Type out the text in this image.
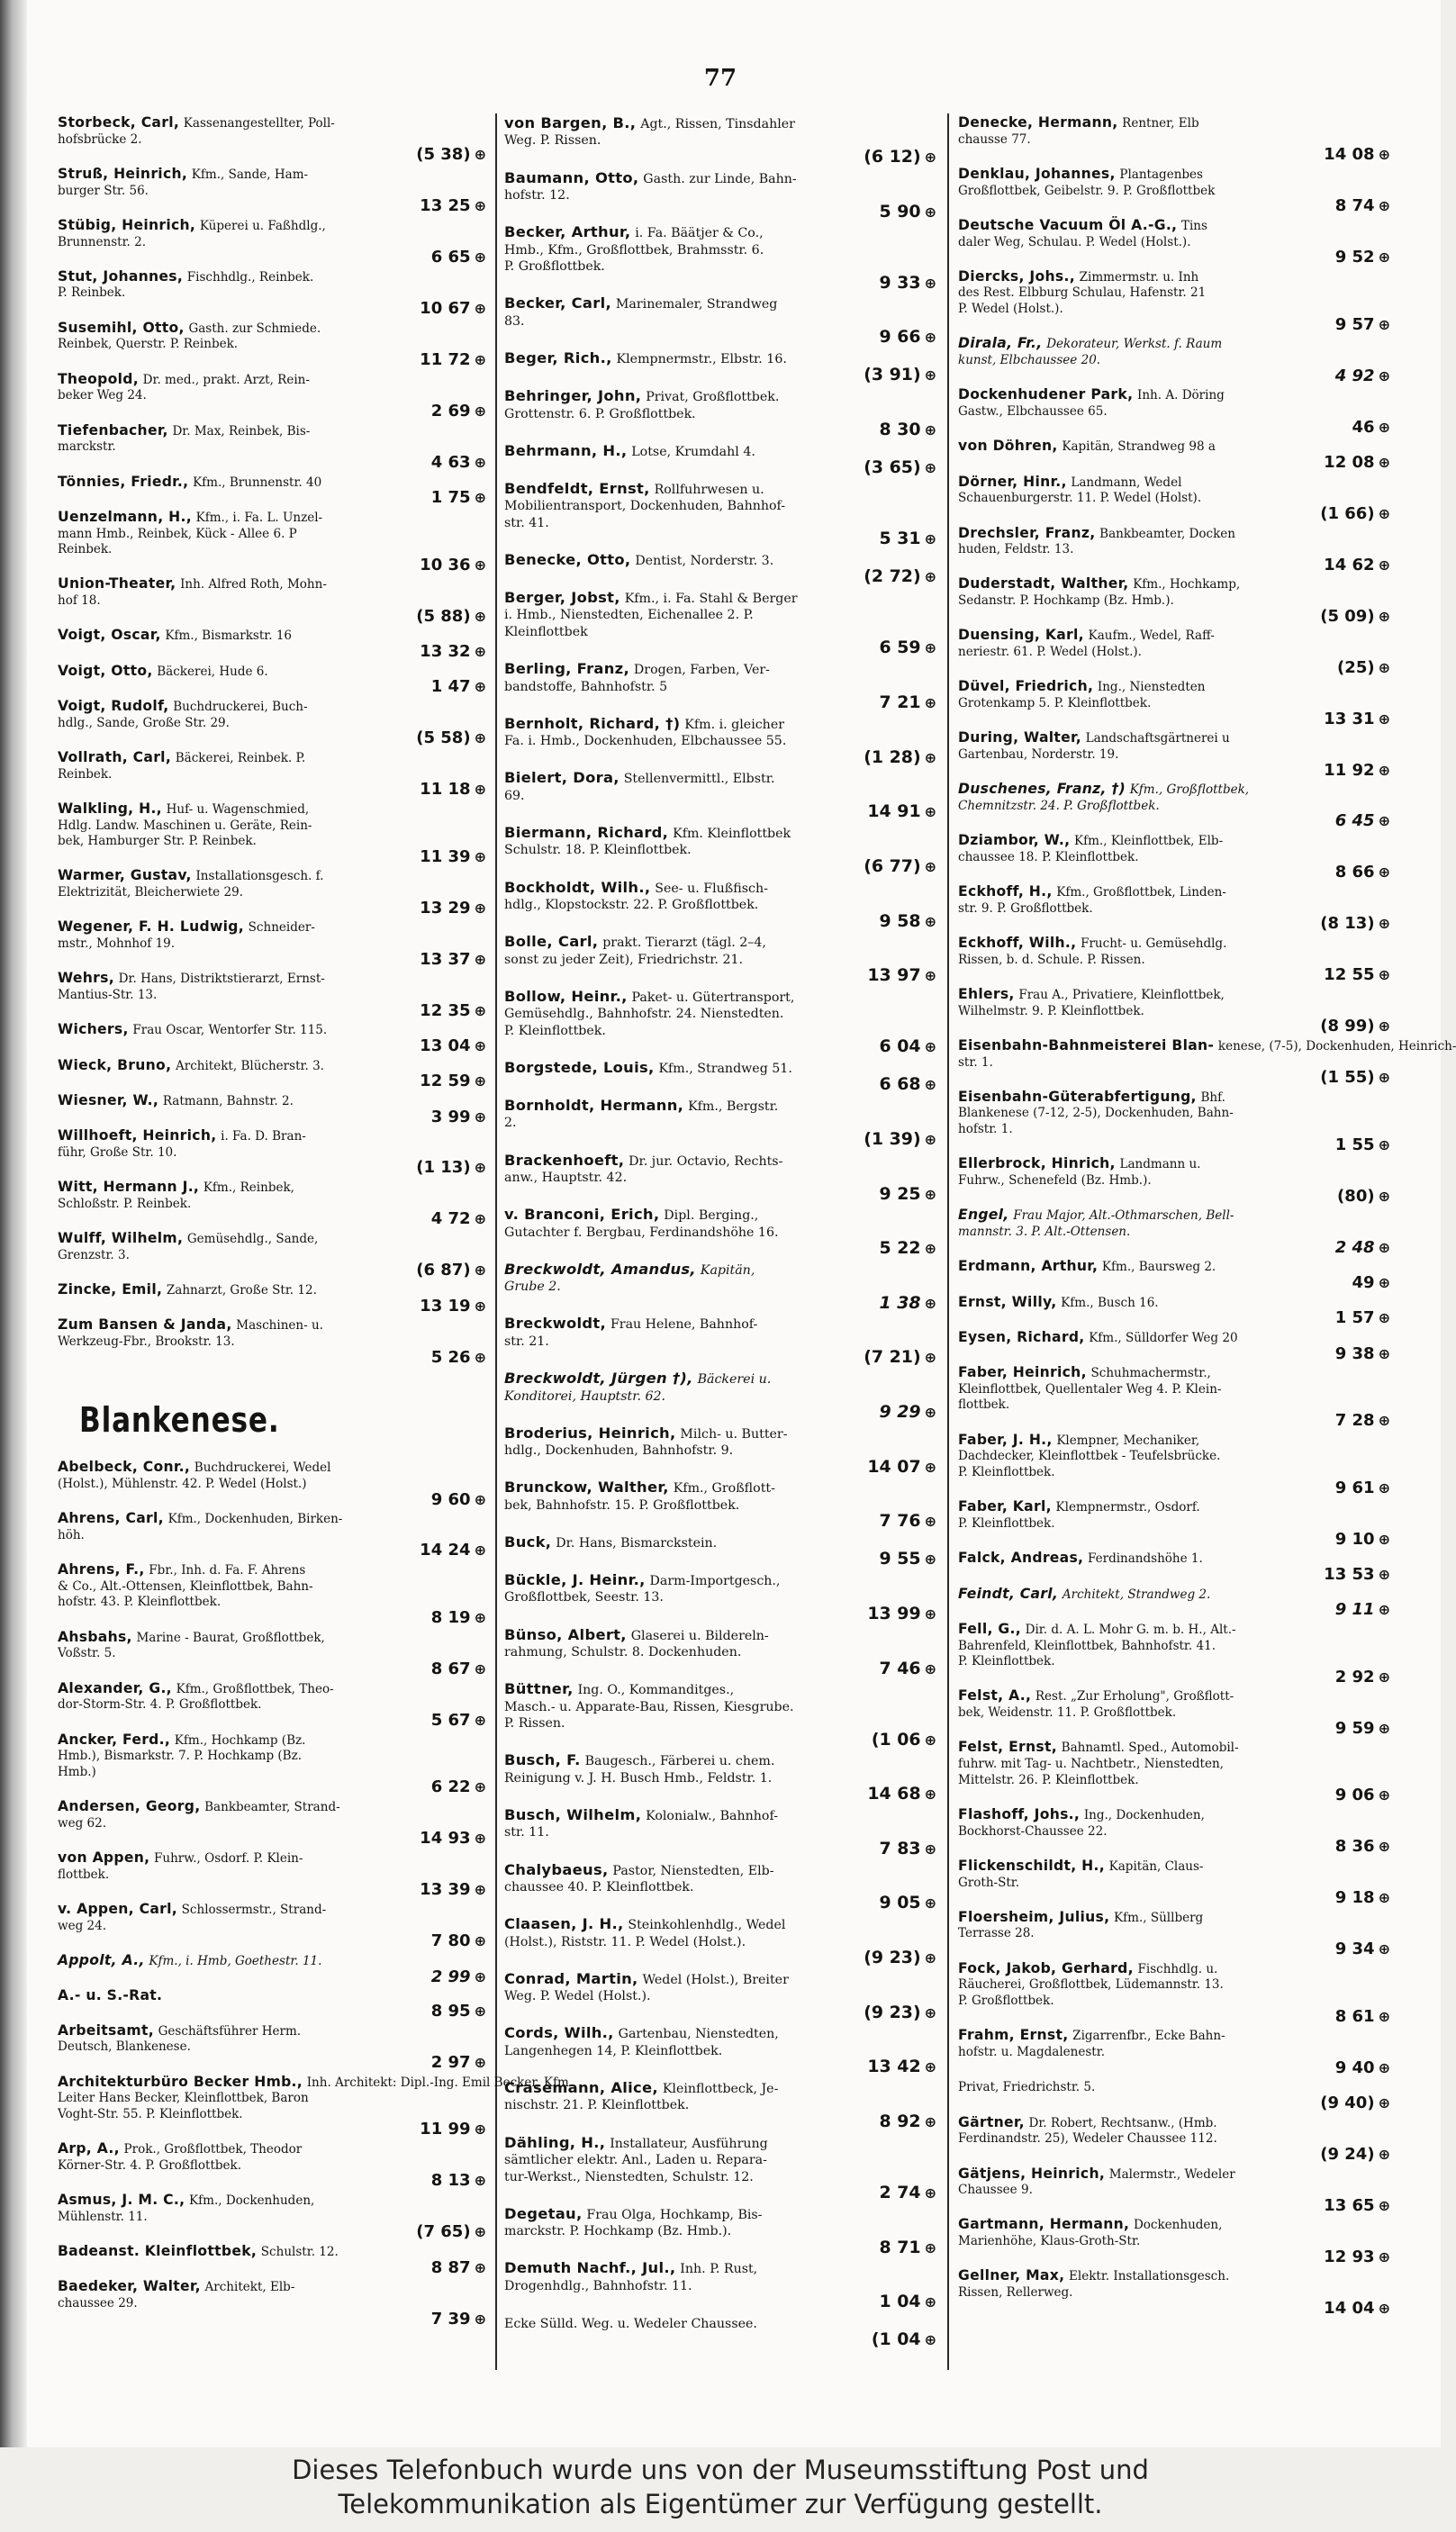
77
Storbeck, Carl, Kassenangestellter, Poll-
hofsbrücke 2.
(5 38) ⊕
Struß, Heinrich, Kfm., Sande, Ham-
burger Str. 56.
13 25 ⊕
Stübig, Heinrich, Küperei u. Faßhdlg.,
Brunnenstr. 2.
6 65 ⊕
Stut, Johannes, Fischhdlg., Reinbek.
P. Reinbek.
10 67 ⊕
Susemihl, Otto, Gasth. zur Schmiede.
Reinbek, Querstr. P. Reinbek.
11 72 ⊕
Theopold, Dr. med., prakt. Arzt, Rein-
beker Weg 24.
2 69 ⊕
Tiefenbacher, Dr. Max, Reinbek, Bis-
marckstr.
4 63 ⊕
Tönnies, Friedr., Kfm., Brunnenstr. 40
1 75 ⊕
Uenzelmann, H., Kfm., i. Fa. L. Unzel-
mann Hmb., Reinbek, Kück - Allee 6. P
Reinbek.
10 36 ⊕
Union-Theater, Inh. Alfred Roth, Mohn-
hof 18.
(5 88) ⊕
Voigt, Oscar, Kfm., Bismarkstr. 16
13 32 ⊕
Voigt, Otto, Bäckerei, Hude 6.
1 47 ⊕
Voigt, Rudolf, Buchdruckerei, Buch-
hdlg., Sande, Große Str. 29.
(5 58) ⊕
Vollrath, Carl, Bäckerei, Reinbek. P.
Reinbek.
11 18 ⊕
Walkling, H., Huf- u. Wagenschmied,
Hdlg. Landw. Maschinen u. Geräte, Rein-
bek, Hamburger Str. P. Reinbek.
11 39 ⊕
Warmer, Gustav, Installationsgesch. f.
Elektrizität, Bleicherwiete 29.
13 29 ⊕
Wegener, F. H. Ludwig, Schneider-
mstr., Mohnhof 19.
13 37 ⊕
Wehrs, Dr. Hans, Distriktstierarzt, Ernst-
Mantius-Str. 13.
12 35 ⊕
Wichers, Frau Oscar, Wentorfer Str. 115.
13 04 ⊕
Wieck, Bruno, Architekt, Blücherstr. 3.
12 59 ⊕
Wiesner, W., Ratmann, Bahnstr. 2.
3 99 ⊕
Willhoeft, Heinrich, i. Fa. D. Bran-
führ, Große Str. 10.
(1 13) ⊕
Witt, Hermann J., Kfm., Reinbek,
Schloßstr. P. Reinbek.
4 72 ⊕
Wulff, Wilhelm, Gemüsehdlg., Sande,
Grenzstr. 3.
(6 87) ⊕
Zincke, Emil, Zahnarzt, Große Str. 12.
13 19 ⊕
Zum Bansen & Janda, Maschinen- u.
Werkzeug-Fbr., Brookstr. 13.
5 26 ⊕
Blankenese.
Abelbeck, Conr., Buchdruckerei, Wedel
(Holst.), Mühlenstr. 42. P. Wedel (Holst.)
9 60 ⊕
Ahrens, Carl, Kfm., Dockenhuden, Birken-
höh.
14 24 ⊕
Ahrens, F., Fbr., Inh. d. Fa. F. Ahrens
& Co., Alt.-Ottensen, Kleinflottbek, Bahn-
hofstr. 43. P. Kleinflottbek.
8 19 ⊕
Ahsbahs, Marine - Baurat, Großflottbek,
Voßstr. 5.
8 67 ⊕
Alexander, G., Kfm., Großflottbek, Theo-
dor-Storm-Str. 4. P. Großflottbek.
5 67 ⊕
Ancker, Ferd., Kfm., Hochkamp (Bz.
Hmb.), Bismarkstr. 7. P. Hochkamp (Bz.
Hmb.)
6 22 ⊕
Andersen, Georg, Bankbeamter, Strand-
weg 62.
14 93 ⊕
von Appen, Fuhrw., Osdorf. P. Klein-
flottbek.
13 39 ⊕
v. Appen, Carl, Schlossermstr., Strand-
weg 24.
7 80 ⊕
Appolt, A., Kfm., i. Hmb, Goethestr. 11.
2 99 ⊕
A.- u. S.-Rat.
8 95 ⊕
Arbeitsamt, Geschäftsführer Herm.
Deutsch, Blankenese.
2 97 ⊕
Architekturbüro Becker Hmb., Inh. Architekt: Dipl.-Ing. Emil Becker, Kfm.
Leiter Hans Becker, Kleinflottbek, Baron
Voght-Str. 55. P. Kleinflottbek.
11 99 ⊕
Arp, A., Prok., Großflottbek, Theodor
Körner-Str. 4. P. Großflottbek.
8 13 ⊕
Asmus, J. M. C., Kfm., Dockenhuden,
Mühlenstr. 11.
(7 65) ⊕
Badeanst. Kleinflottbek, Schulstr. 12.
8 87 ⊕
Baedeker, Walter, Architekt, Elb-
chaussee 29.
7 39 ⊕
von Bargen, B., Agt., Rissen, Tinsdahler
Weg. P. Rissen.
(6 12) ⊕
Baumann, Otto, Gasth. zur Linde, Bahn-
hofstr. 12.
5 90 ⊕
Becker, Arthur, i. Fa. Bäätjer & Co.,
Hmb., Kfm., Großflottbek, Brahmsstr. 6.
P. Großflottbek.
9 33 ⊕
Becker, Carl, Marinemaler, Strandweg
83.
9 66 ⊕
Beger, Rich., Klempnermstr., Elbstr. 16.
(3 91) ⊕
Behringer, John, Privat, Großflottbek.
Grottenstr. 6. P. Großflottbek.
8 30 ⊕
Behrmann, H., Lotse, Krumdahl 4.
(3 65) ⊕
Bendfeldt, Ernst, Rollfuhrwesen u.
Mobilientransport, Dockenhuden, Bahnhof-
str. 41.
5 31 ⊕
Benecke, Otto, Dentist, Norderstr. 3.
(2 72) ⊕
Berger, Jobst, Kfm., i. Fa. Stahl & Berger
i. Hmb., Nienstedten, Eichenallee 2. P.
Kleinflottbek
6 59 ⊕
Berling, Franz, Drogen, Farben, Ver-
bandstoffe, Bahnhofstr. 5
7 21 ⊕
Bernholt, Richard, †) Kfm. i. gleicher
Fa. i. Hmb., Dockenhuden, Elbchaussee 55.
(1 28) ⊕
Bielert, Dora, Stellenvermittl., Elbstr.
69.
14 91 ⊕
Biermann, Richard, Kfm. Kleinflottbek
Schulstr. 18. P. Kleinflottbek.
(6 77) ⊕
Bockholdt, Wilh., See- u. Flußfisch-
hdlg., Klopstockstr. 22. P. Großflottbek.
9 58 ⊕
Bolle, Carl, prakt. Tierarzt (tägl. 2–4,
sonst zu jeder Zeit), Friedrichstr. 21.
13 97 ⊕
Bollow, Heinr., Paket- u. Gütertransport,
Gemüsehdlg., Bahnhofstr. 24. Nienstedten.
P. Kleinflottbek.
6 04 ⊕
Borgstede, Louis, Kfm., Strandweg 51.
6 68 ⊕
Bornholdt, Hermann, Kfm., Bergstr.
2.
(1 39) ⊕
Brackenhoeft, Dr. jur. Octavio, Rechts-
anw., Hauptstr. 42.
9 25 ⊕
v. Branconi, Erich, Dipl. Berging.,
Gutachter f. Bergbau, Ferdinandshöhe 16.
5 22 ⊕
Breckwoldt, Amandus, Kapitän,
Grube 2.
1 38 ⊕
Breckwoldt, Frau Helene, Bahnhof-
str. 21.
(7 21) ⊕
Breckwoldt, Jürgen †), Bäckerei u.
Konditorei, Hauptstr. 62.
9 29 ⊕
Broderius, Heinrich, Milch- u. Butter-
hdlg., Dockenhuden, Bahnhofstr. 9.
14 07 ⊕
Brunckow, Walther, Kfm., Großflott-
bek, Bahnhofstr. 15. P. Großflottbek.
7 76 ⊕
Buck, Dr. Hans, Bismarckstein.
9 55 ⊕
Bückle, J. Heinr., Darm-Importgesch.,
Großflottbek, Seestr. 13.
13 99 ⊕
Bünso, Albert, Glaserei u. Bildereln-
rahmung, Schulstr. 8. Dockenhuden.
7 46 ⊕
Büttner, Ing. O., Kommanditges.,
Masch.- u. Apparate-Bau, Rissen, Kiesgrube.
P. Rissen.
(1 06 ⊕
Busch, F. Baugesch., Färberei u. chem.
Reinigung v. J. H. Busch Hmb., Feldstr. 1.
14 68 ⊕
Busch, Wilhelm, Kolonialw., Bahnhof-
str. 11.
7 83 ⊕
Chalybaeus, Pastor, Nienstedten, Elb-
chaussee 40. P. Kleinflottbek.
9 05 ⊕
Claasen, J. H., Steinkohlenhdlg., Wedel
(Holst.), Riststr. 11. P. Wedel (Holst.).
(9 23) ⊕
Conrad, Martin, Wedel (Holst.), Breiter
Weg. P. Wedel (Holst.).
(9 23) ⊕
Cords, Wilh., Gartenbau, Nienstedten,
Langenhegen 14, P. Kleinflottbek.
13 42 ⊕
Crasemann, Alice, Kleinflottbeck, Je-
nischstr. 21. P. Kleinflottbek.
8 92 ⊕
Dähling, H., Installateur, Ausführung
sämtlicher elektr. Anl., Laden u. Repara-
tur-Werkst., Nienstedten, Schulstr. 12.
2 74 ⊕
Degetau, Frau Olga, Hochkamp, Bis-
marckstr. P. Hochkamp (Bz. Hmb.).
8 71 ⊕
Demuth Nachf., Jul., Inh. P. Rust,
Drogenhdlg., Bahnhofstr. 11.
1 04 ⊕
Ecke Sülld. Weg. u. Wedeler Chaussee.
(1 04 ⊕
Denecke, Hermann, Rentner, Elb
chausse 77.
14 08 ⊕
Denklau, Johannes, Plantagenbes
Großflottbek, Geibelstr. 9. P. Großflottbek
8 74 ⊕
Deutsche Vacuum Öl A.-G., Tins
daler Weg, Schulau. P. Wedel (Holst.).
9 52 ⊕
Diercks, Johs., Zimmermstr. u. Inh
des Rest. Elbburg Schulau, Hafenstr. 21
P. Wedel (Holst.).
9 57 ⊕
Dirala, Fr., Dekorateur, Werkst. f. Raum
kunst, Elbchaussee 20.
4 92 ⊕
Dockenhudener Park, Inh. A. Döring
Gastw., Elbchaussee 65.
46 ⊕
von Döhren, Kapitän, Strandweg 98 a
12 08 ⊕
Dörner, Hinr., Landmann, Wedel
Schauenburgerstr. 11. P. Wedel (Holst).
(1 66) ⊕
Drechsler, Franz, Bankbeamter, Docken
huden, Feldstr. 13.
14 62 ⊕
Duderstadt, Walther, Kfm., Hochkamp,
Sedanstr. P. Hochkamp (Bz. Hmb.).
(5 09) ⊕
Duensing, Karl, Kaufm., Wedel, Raff-
neriestr. 61. P. Wedel (Holst.).
(25) ⊕
Düvel, Friedrich, Ing., Nienstedten
Grotenkamp 5. P. Kleinflottbek.
13 31 ⊕
During, Walter, Landschaftsgärtnerei u
Gartenbau, Norderstr. 19.
11 92 ⊕
Duschenes, Franz, †) Kfm., Großflottbek,
Chemnitzstr. 24. P. Großflottbek.
6 45 ⊕
Dziambor, W., Kfm., Kleinflottbek, Elb-
chaussee 18. P. Kleinflottbek.
8 66 ⊕
Eckhoff, H., Kfm., Großflottbek, Linden-
str. 9. P. Großflottbek.
(8 13) ⊕
Eckhoff, Wilh., Frucht- u. Gemüsehdlg.
Rissen, b. d. Schule. P. Rissen.
12 55 ⊕
Ehlers, Frau A., Privatiere, Kleinflottbek,
Wilhelmstr. 9. P. Kleinflottbek.
(8 99) ⊕
Eisenbahn-Bahnmeisterei Blan- kenese, (7-5), Dockenhuden, Heinrich-
str. 1.
(1 55) ⊕
Eisenbahn-Güterabfertigung, Bhf.
Blankenese (7-12, 2-5), Dockenhuden, Bahn-
hofstr. 1.
1 55 ⊕
Ellerbrock, Hinrich, Landmann u.
Fuhrw., Schenefeld (Bz. Hmb.).
(80) ⊕
Engel, Frau Major, Alt.-Othmarschen, Bell-
mannstr. 3. P. Alt.-Ottensen.
2 48 ⊕
Erdmann, Arthur, Kfm., Baursweg 2.
49 ⊕
Ernst, Willy, Kfm., Busch 16.
1 57 ⊕
Eysen, Richard, Kfm., Sülldorfer Weg 20
9 38 ⊕
Faber, Heinrich, Schuhmachermstr.,
Kleinflottbek, Quellentaler Weg 4. P. Klein-
flottbek.
7 28 ⊕
Faber, J. H., Klempner, Mechaniker,
Dachdecker, Kleinflottbek - Teufelsbrücke.
P. Kleinflottbek.
9 61 ⊕
Faber, Karl, Klempnermstr., Osdorf.
P. Kleinflottbek.
9 10 ⊕
Falck, Andreas, Ferdinandshöhe 1.
13 53 ⊕
Feindt, Carl, Architekt, Strandweg 2.
9 11 ⊕
Fell, G., Dir. d. A. L. Mohr G. m. b. H., Alt.-
Bahrenfeld, Kleinflottbek, Bahnhofstr. 41.
P. Kleinflottbek.
2 92 ⊕
Felst, A., Rest. „Zur Erholung", Großflott-
bek, Weidenstr. 11. P. Großflottbek.
9 59 ⊕
Felst, Ernst, Bahnamtl. Sped., Automobil-
fuhrw. mit Tag- u. Nachtbetr., Nienstedten,
Mittelstr. 26. P. Kleinflottbek.
9 06 ⊕
Flashoff, Johs., Ing., Dockenhuden,
Bockhorst-Chaussee 22.
8 36 ⊕
Flickenschildt, H., Kapitän, Claus-
Groth-Str.
9 18 ⊕
Floersheim, Julius, Kfm., Süllberg
Terrasse 28.
9 34 ⊕
Fock, Jakob, Gerhard, Fischhdlg. u.
Räucherei, Großflottbek, Lüdemannstr. 13.
P. Großflottbek.
8 61 ⊕
Frahm, Ernst, Zigarrenfbr., Ecke Bahn-
hofstr. u. Magdalenestr.
9 40 ⊕
Privat, Friedrichstr. 5.
(9 40) ⊕
Gärtner, Dr. Robert, Rechtsanw., (Hmb.
Ferdinandstr. 25), Wedeler Chaussee 112.
(9 24) ⊕
Gätjens, Heinrich, Malermstr., Wedeler
Chaussee 9.
13 65 ⊕
Gartmann, Hermann, Dockenhuden,
Marienhöhe, Klaus-Groth-Str.
12 93 ⊕
Gellner, Max, Elektr. Installationsgesch.
Rissen, Rellerweg.
14 04 ⊕
Dieses Telefonbuch wurde uns von der Museumsstiftung Post und
Telekommunikation als Eigentümer zur Verfügung gestellt.
